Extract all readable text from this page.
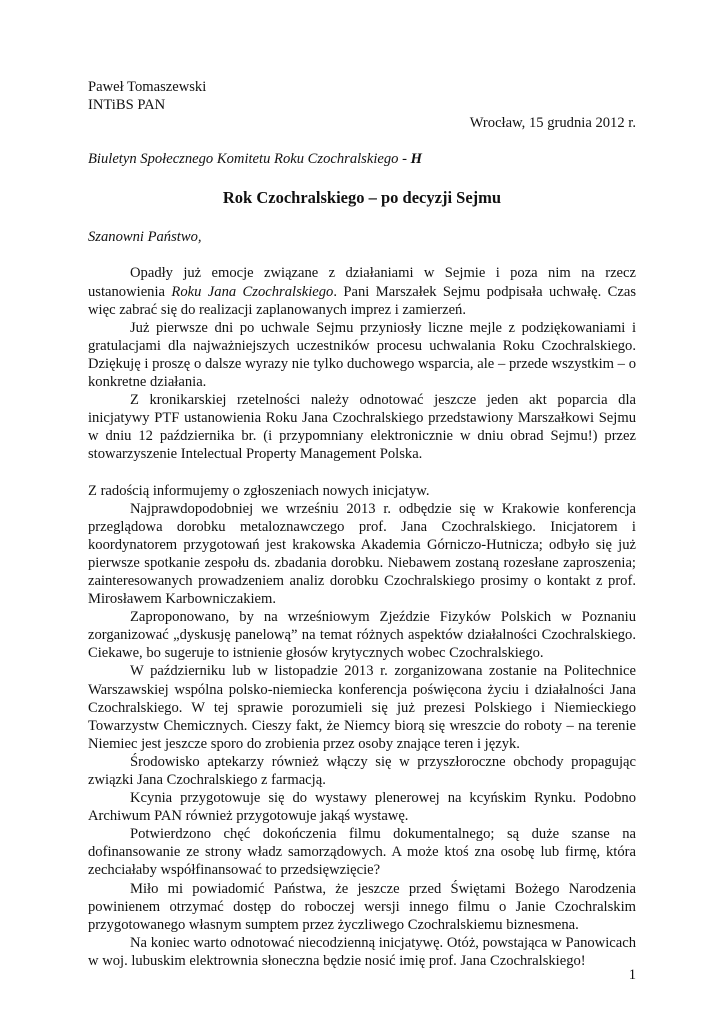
Paweł Tomaszewski
INTiBS PAN
Wrocław, 15 grudnia 2012 r.
Biuletyn Społecznego Komitetu Roku Czochralskiego - H
Rok Czochralskiego – po decyzji Sejmu
Szanowni Państwo,

Opadły już emocje związane z działaniami w Sejmie i poza nim na rzecz ustanowienia Roku Jana Czochralskiego. Pani Marszałek Sejmu podpisała uchwałę. Czas więc zabrać się do realizacji zaplanowanych imprez i zamierzeń.

Już pierwsze dni po uchwale Sejmu przyniosły liczne mejle z podziękowaniami i gratulacjami dla najważniejszych uczestników procesu uchwalania Roku Czochralskiego. Dziękuję i proszę o dalsze wyrazy nie tylko duchowego wsparcia, ale – przede wszystkim – o konkretne działania.

Z kronikarskiej rzetelności należy odnotować jeszcze jeden akt poparcia dla inicjatywy PTF ustanowienia Roku Jana Czochralskiego przedstawiony Marszałkowi Sejmu w dniu 12 października br. (i przypomniany elektronicznie w dniu obrad Sejmu!) przez stowarzyszenie Intelectual Property Management Polska.

Z radością informujemy o zgłoszeniach nowych inicjatyw.

Najprawdopodobniej we wrześniu 2013 r. odbędzie się w Krakowie konferencja przeglądowa dorobku metaloznawczego prof. Jana Czochralskiego. Inicjatorem i koordynatorem przygotowań jest krakowska Akademia Górniczo-Hutnicza; odbyło się już pierwsze spotkanie zespołu ds. zbadania dorobku. Niebawem zostaną rozesłane zaproszenia; zainteresowanych prowadzeniem analiz dorobku Czochralskiego prosimy o kontakt z prof. Mirosławem Karbowniczakiem.

Zaproponowano, by na wrześniowym Zjeździe Fizyków Polskich w Poznaniu zorganizować „dyskusję panelową” na temat różnych aspektów działalności Czochralskiego. Ciekawe, bo sugeruje to istnienie głosów krytycznych wobec Czochralskiego.

W październiku lub w listopadzie 2013 r. zorganizowana zostanie na Politechnice Warszawskiej wspólna polsko-niemiecka konferencja poświęcona życiu i działalności Jana Czochralskiego. W tej sprawie porozumieli się już prezesi Polskiego i Niemieckiego Towarzystw Chemicznych. Cieszy fakt, że Niemcy biorą się wreszcie do roboty – na terenie Niemiec jest jeszcze sporo do zrobienia przez osoby znające teren i język.

Środowisko aptekarzy również włączy się w przyszłoroczne obchody propagując związki Jana Czochralskiego z farmacją.

Kcynia przygotowuje się do wystawy plenerowej na kcyńskim Rynku. Podobno Archiwum PAN również przygotowuje jakąś wystawę.

Potwierdzono chęć dokończenia filmu dokumentalnego; są duże szanse na dofinansowanie ze strony władz samorządowych. A może ktoś zna osobę lub firmę, która zechciałaby współfinansować to przedsięwzięcie?

Miło mi powiadomić Państwa, że jeszcze przed Świętami Bożego Narodzenia powinienem otrzymać dostęp do roboczej wersji innego filmu o Janie Czochralskim przygotowanego własnym sumptem przez życzliwego Czochralskiemu biznesmena.

Na koniec warto odnotować niecodzienną inicjatywę. Otóż, powstająca w Panowicach w woj. lubuskim elektrownia słoneczna będzie nosić imię prof. Jana Czochralskiego!

1
